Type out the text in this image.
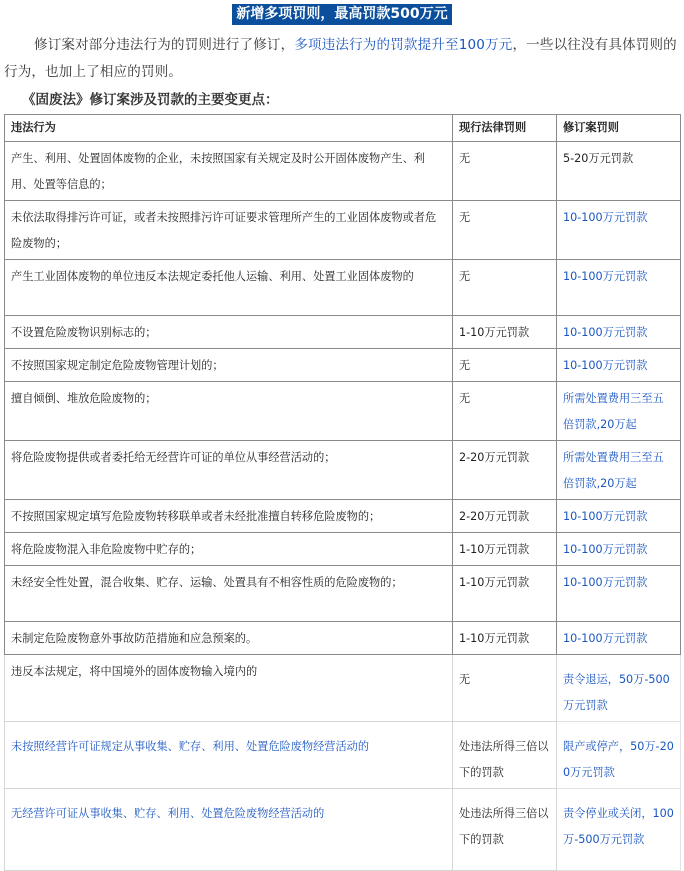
新增多项罚则，最高罚款500万元

修订案对部分违法行为的罚则进行了修订，多项违法行为的罚款提升至100万元，一些以往没有具体罚则的行为，也加上了相应的罚则。

《固废法》修订案涉及罚款的主要变更点：
违法行为	现行法律罚则	修订案罚则
产生、利用、处置固体废物的企业，未按照国家有关规定及时公开固体废物产生、利用、处置等信息的；	无	5-20万元罚款
未依法取得排污许可证，或者未按照排污许可证要求管理所产生的工业固体废物或者危险废物的；	无	10-100万元罚款
产生工业固体废物的单位违反本法规定委托他人运输、利用、处置工业固体废物的	无	10-100万元罚款
不设置危险废物识别标志的；	1-10万元罚款	10-100万元罚款
不按照国家规定制定危险废物管理计划的；	无	10-100万元罚款
擅自倾倒、堆放危险废物的；	无	所需处置费用三至五倍罚款,20万起
将危险废物提供或者委托给无经营许可证的单位从事经营活动的；	2-20万元罚款	所需处置费用三至五倍罚款,20万起
不按照国家规定填写危险废物转移联单或者未经批准擅自转移危险废物的；	2-20万元罚款	10-100万元罚款
将危险废物混入非危险废物中贮存的；	1-10万元罚款	10-100万元罚款
未经安全性处置，混合收集、贮存、运输、处置具有不相容性质的危险废物的；	1-10万元罚款	10-100万元罚款
未制定危险废物意外事故防范措施和应急预案的。	1-10万元罚款	10-100万元罚款
违反本法规定，将中国境外的固体废物输入境内的	无	责令退运，50万-500万元罚款
未按照经营许可证规定从事收集、贮存、利用、处置危险废物经营活动的	处违法所得三倍以下的罚款	限产或停产，50万-200万元罚款
无经营许可证从事收集、贮存、利用、处置危险废物经营活动的	处违法所得三倍以下的罚款	责令停业或关闭，100万-500万元罚款
